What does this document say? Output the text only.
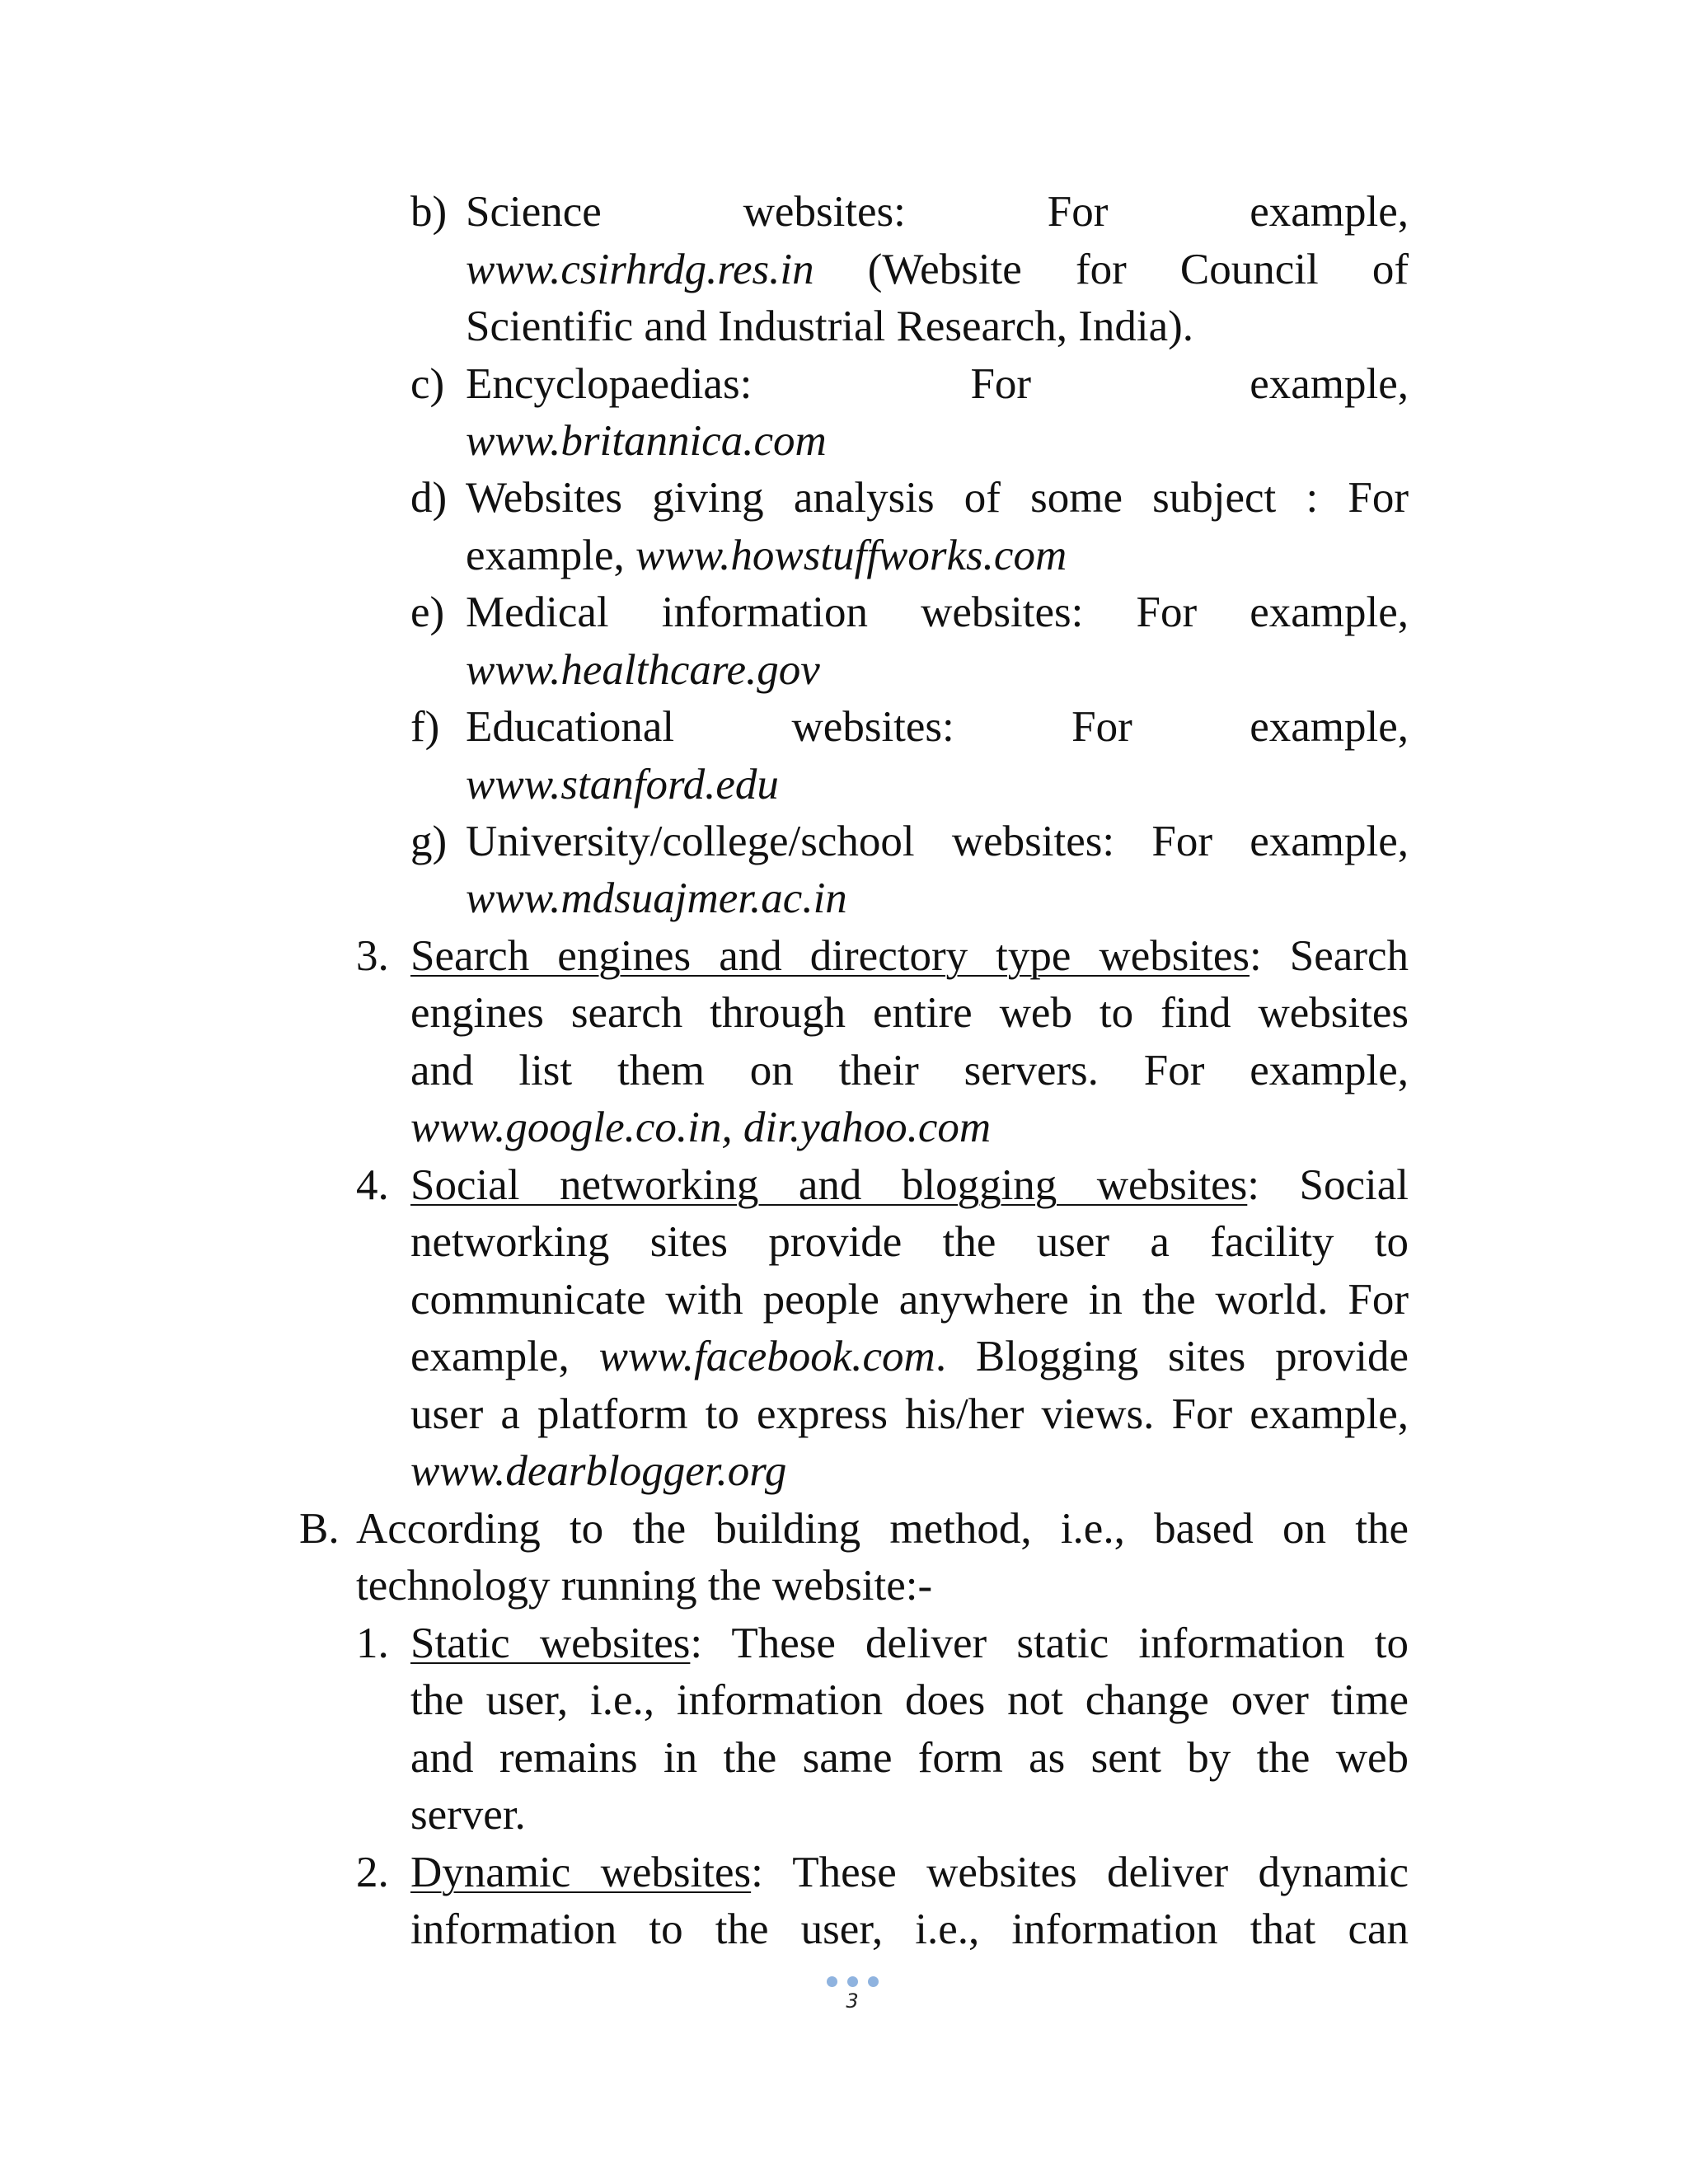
b) Science websites: For example,

www.csirhrdg.res.in (Website for Council of

Scientific and Industrial Research, India).

c) Encyclopaedias: For example,

www.britannica.com

d) Websites giving analysis of some subject : For

example, www.howstuffworks.com

e) Medical information websites: For example,

www.healthcare.gov

f) Educational websites: For example,

www.stanford.edu

g) University/college/school websites: For example,

www.mdsuajmer.ac.in

3. Search engines and directory type websites: Search

engines search through entire web to find websites

and list them on their servers. For example,

www.google.co.in, dir.yahoo.com

4. Social networking and blogging websites: Social

networking sites provide the user a facility to

communicate with people anywhere in the world. For

example, www.facebook.com. Blogging sites provide

user a platform to express his/her views. For example,

www.dearblogger.org

B. According to the building method, i.e., based on the

technology running the website:-

1. Static websites: These deliver static information to

the user, i.e., information does not change over time

and remains in the same form as sent by the web

server.

2. Dynamic websites: These websites deliver dynamic

information to the user, i.e., information that can

3
